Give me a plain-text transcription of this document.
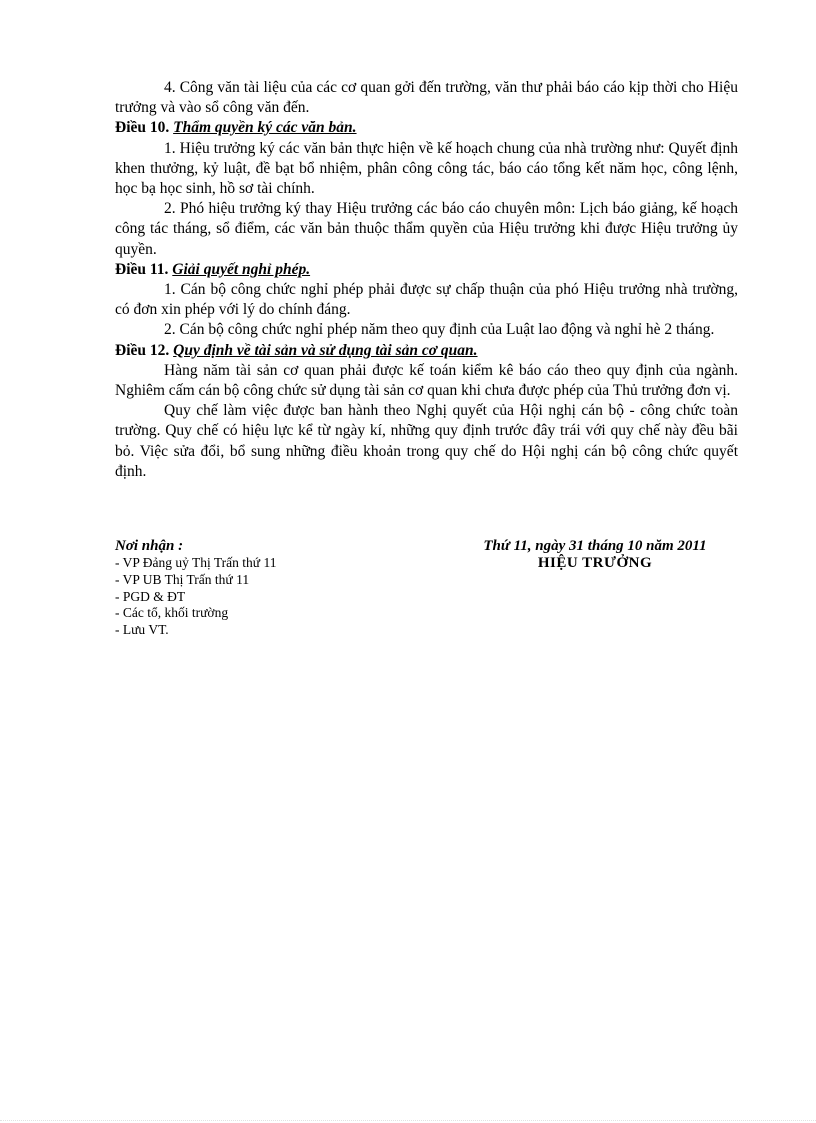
4. Công văn tài liệu của các cơ quan gởi đến trường, văn thư phải báo cáo kịp thời cho Hiệu trưởng và vào sổ công văn đến.

Điều 10. Thẩm quyền ký các văn bản.

1. Hiệu trưởng ký các văn bản thực hiện về kế hoạch chung của nhà trường như: Quyết định khen thưởng, kỷ luật, đề bạt bổ nhiệm, phân công công tác, báo cáo tổng kết năm học, công lệnh, học bạ học sinh, hồ sơ tài chính.

2. Phó hiệu trưởng ký thay Hiệu trưởng các báo cáo chuyên môn: Lịch báo giảng, kế hoạch công tác tháng, sổ điểm, các văn bản thuộc thẩm quyền của Hiệu trưởng khi được Hiệu trưởng ủy quyền.

Điều 11. Giải quyết nghỉ phép.

1. Cán bộ công chức nghỉ phép phải được sự chấp thuận của phó Hiệu trưởng nhà trường, có đơn xin phép với lý do chính đáng.

2. Cán bộ công chức nghỉ phép năm theo quy định của Luật lao động và nghỉ hè 2 tháng.

Điều 12. Quy định về tài sản và sử dụng tài sản cơ quan.

Hàng năm tài sản cơ quan phải được kế toán kiểm kê báo cáo theo quy định của ngành. Nghiêm cấm cán bộ công chức sử dụng tài sản cơ quan khi chưa được phép của Thủ trưởng đơn vị.

Quy chế làm việc được ban hành theo Nghị quyết của Hội nghị cán bộ - công chức toàn trường. Quy chế có hiệu lực kể từ ngày kí, những quy định trước đây trái với quy chế này đều bãi bỏ. Việc sửa đổi, bổ sung những điều khoản trong quy chế do Hội nghị cán bộ công chức quyết định.

Nơi nhận :
- VP Đảng uỷ Thị Trấn thứ 11
- VP UB Thị Trấn thứ 11
- PGD & ĐT
- Các tổ, khối trường
- Lưu VT.
Thứ 11, ngày 31 tháng 10 năm 2011
HIỆU TRƯỞNG
